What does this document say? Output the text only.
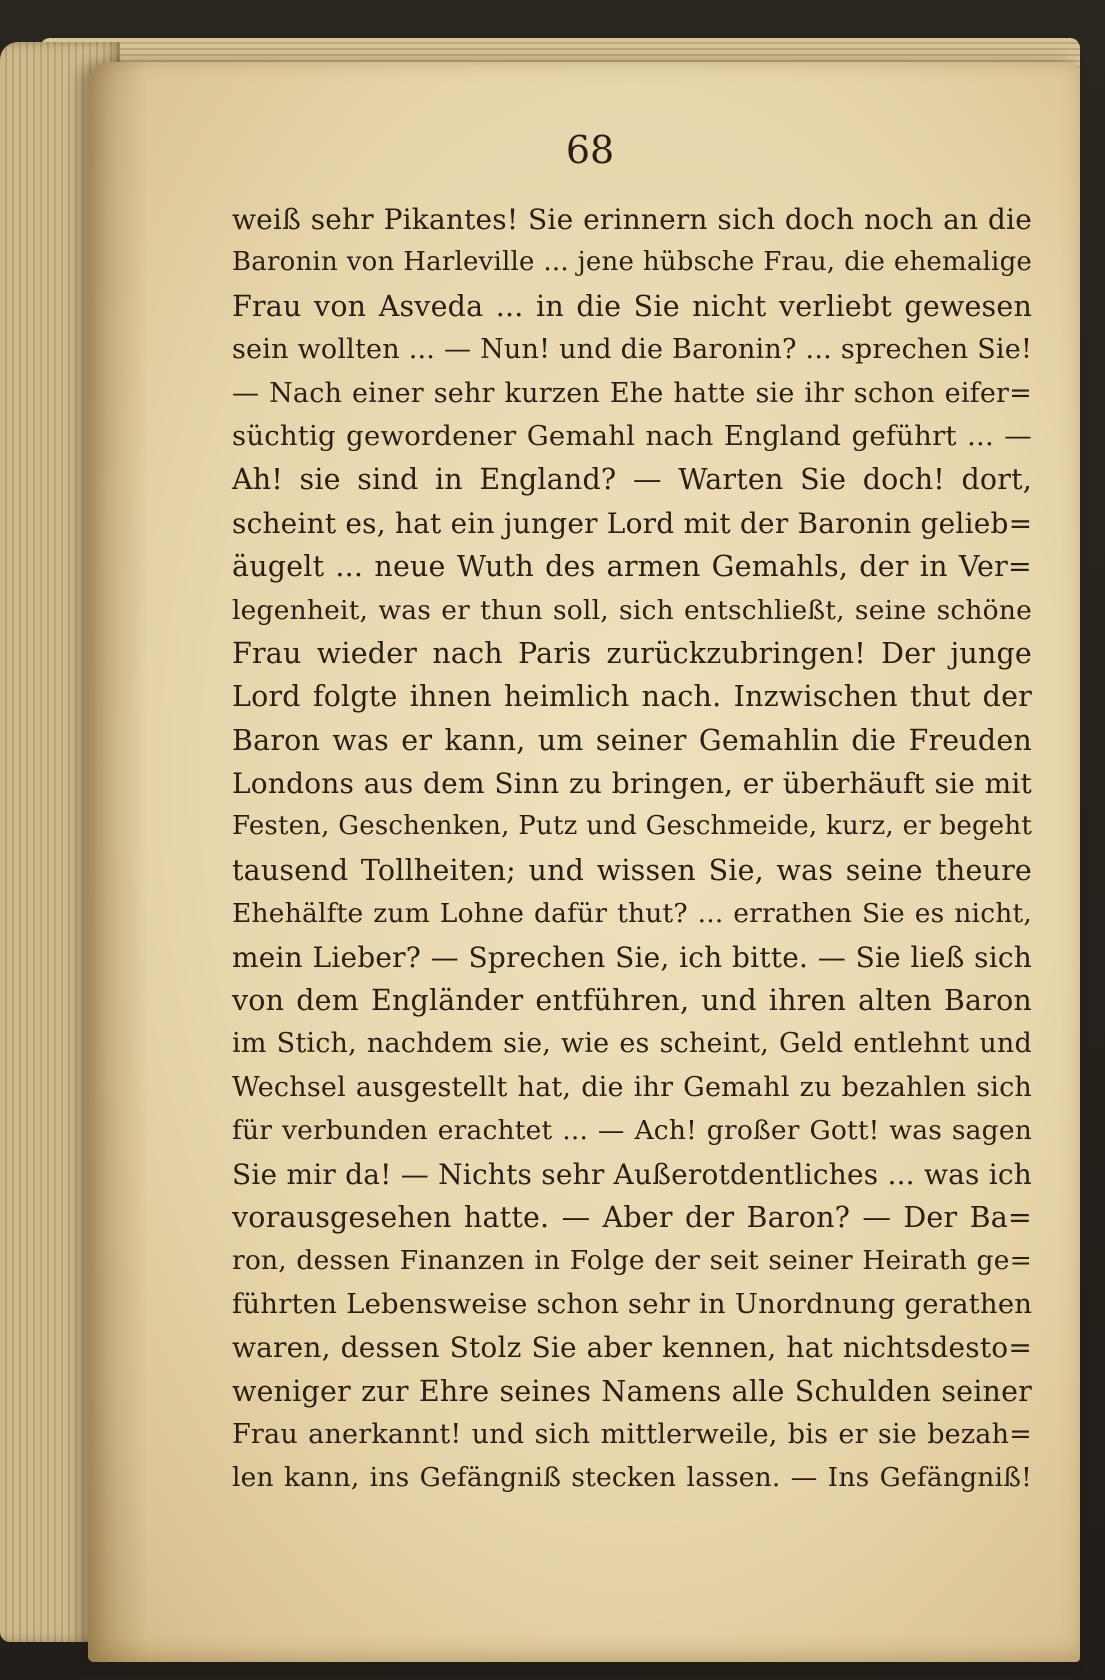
68
weiß sehr Pikantes! Sie erinnern sich doch noch an die
Baronin von Harleville ... jene hübsche Frau, die ehemalige
Frau von Asveda ... in die Sie nicht verliebt gewesen
sein wollten ... — Nun! und die Baronin? ... sprechen Sie!
— Nach einer sehr kurzen Ehe hatte sie ihr schon eifer=
süchtig gewordener Gemahl nach England geführt ... —
Ah! sie sind in England? — Warten Sie doch! dort,
scheint es, hat ein junger Lord mit der Baronin gelieb=
äugelt ... neue Wuth des armen Gemahls, der in Ver=
legenheit, was er thun soll, sich entschließt, seine schöne
Frau wieder nach Paris zurückzubringen! Der junge
Lord folgte ihnen heimlich nach. Inzwischen thut der
Baron was er kann, um seiner Gemahlin die Freuden
Londons aus dem Sinn zu bringen, er überhäuft sie mit
Festen, Geschenken, Putz und Geschmeide, kurz, er begeht
tausend Tollheiten; und wissen Sie, was seine theure
Ehehälfte zum Lohne dafür thut? ... errathen Sie es nicht,
mein Lieber? — Sprechen Sie, ich bitte. — Sie ließ sich
von dem Engländer entführen, und ihren alten Baron
im Stich, nachdem sie, wie es scheint, Geld entlehnt und
Wechsel ausgestellt hat, die ihr Gemahl zu bezahlen sich
für verbunden erachtet ... — Ach! großer Gott! was sagen
Sie mir da! — Nichts sehr Außerotdentliches ... was ich
vorausgesehen hatte. — Aber der Baron? — Der Ba=
ron, dessen Finanzen in Folge der seit seiner Heirath ge=
führten Lebensweise schon sehr in Unordnung gerathen
waren, dessen Stolz Sie aber kennen, hat nichtsdesto=
weniger zur Ehre seines Namens alle Schulden seiner
Frau anerkannt! und sich mittlerweile, bis er sie bezah=
len kann, ins Gefängniß stecken lassen. — Ins Gefängniß!
